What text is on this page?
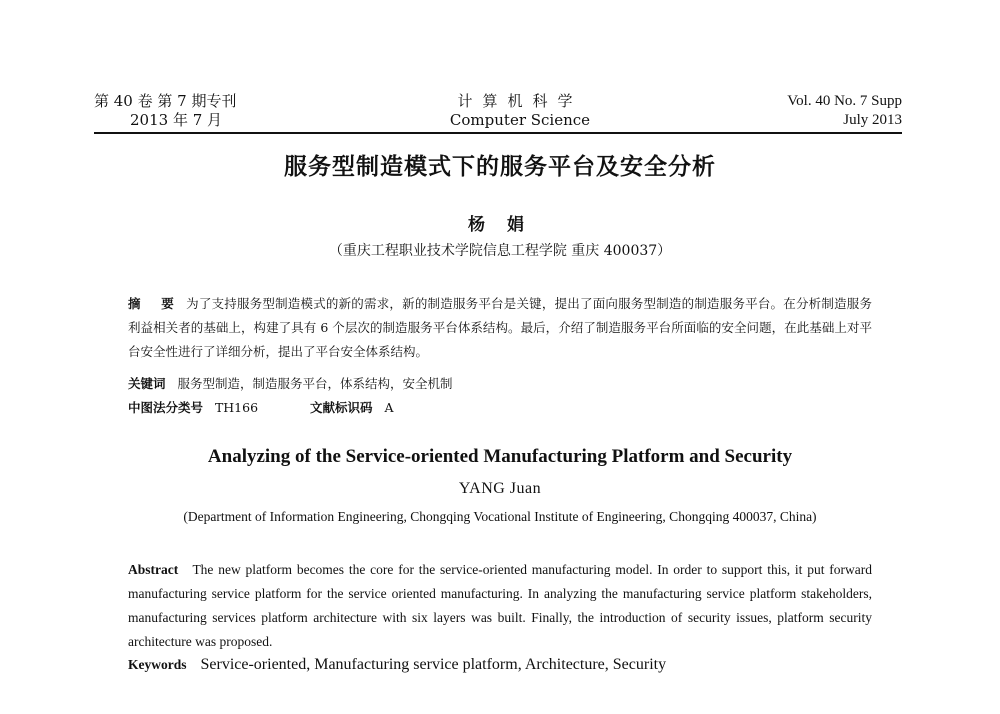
第 40 卷 第 7 期专刊
2013 年 7 月
计算机科学
Computer Science
Vol. 40 No. 7 Supp
July 2013
服务型制造模式下的服务平台及安全分析
杨 娟
（重庆工程职业技术学院信息工程学院 重庆 400037）
摘 要 为了支持服务型制造模式的新的需求，新的制造服务平台是关键，提出了面向服务型制造的制造服务平台。在分析制造服务利益相关者的基础上，构建了具有 6 个层次的制造服务平台体系结构。最后，介绍了制造服务平台所面临的安全问题，在此基础上对平台安全性进行了详细分析，提出了平台安全体系结构。
关键词 服务型制造，制造服务平台，体系结构，安全机制
中图法分类号 TH166	文献标识码 A
Analyzing of the Service-oriented Manufacturing Platform and Security
YANG Juan
(Department of Information Engineering, Chongqing Vocational Institute of Engineering, Chongqing 400037, China)
Abstract The new platform becomes the core for the service-oriented manufacturing model. In order to support this, it put forward manufacturing service platform for the service oriented manufacturing. In analyzing the manufacturing service platform stakeholders, manufacturing services platform architecture with six layers was built. Finally, the introduction of security issues, platform security architecture was proposed.
Keywords Service-oriented, Manufacturing service platform, Architecture, Security
